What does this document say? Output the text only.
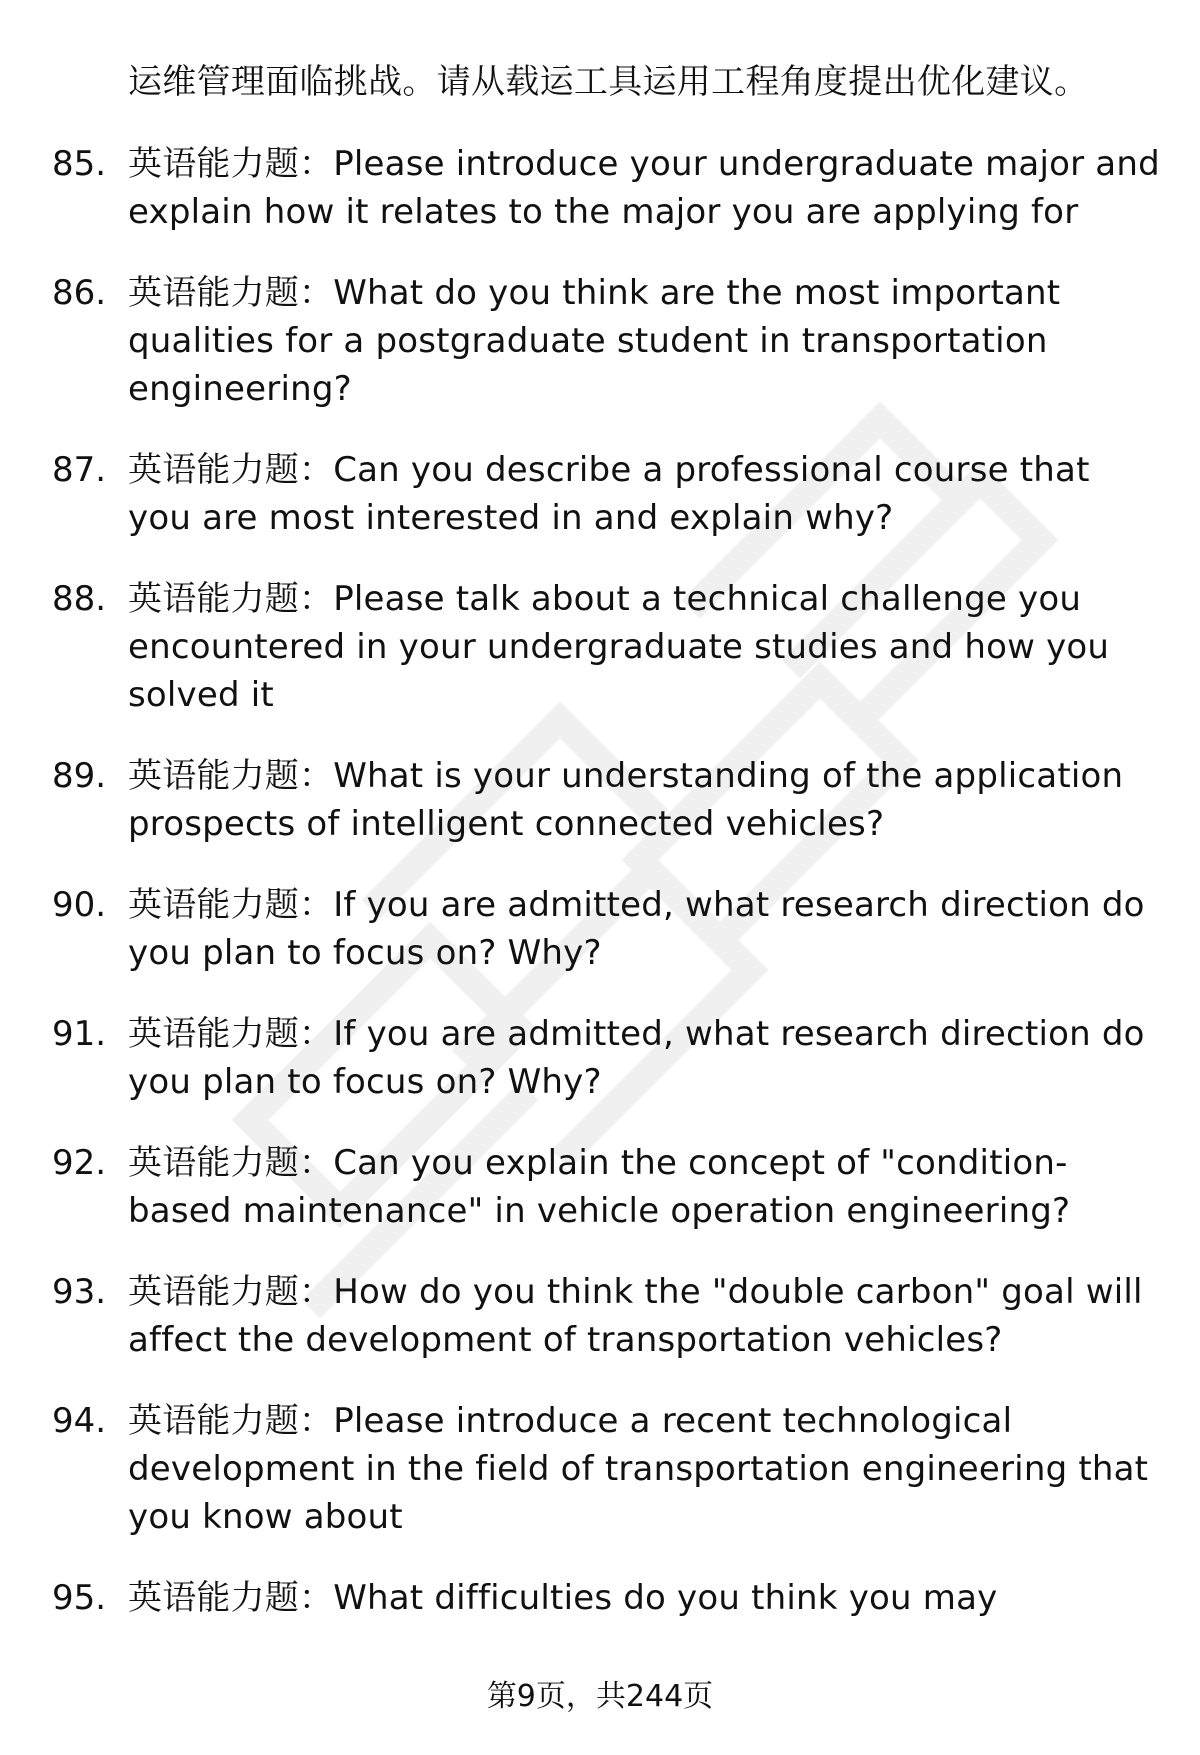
运维管理面临挑战。请从载运工具运用工程角度提出优化建议。
85. 英语能力题：Please introduce your undergraduate major and explain how it relates to the major you are applying for
86. 英语能力题：What do you think are the most important qualities for a postgraduate student in transportation engineering?
87. 英语能力题：Can you describe a professional course that you are most interested in and explain why?
88. 英语能力题：Please talk about a technical challenge you encountered in your undergraduate studies and how you solved it
89. 英语能力题：What is your understanding of the application prospects of intelligent connected vehicles?
90. 英语能力题：If you are admitted, what research direction do you plan to focus on? Why?
91. 英语能力题：If you are admitted, what research direction do you plan to focus on? Why?
92. 英语能力题：Can you explain the concept of "condition-based maintenance" in vehicle operation engineering?
93. 英语能力题：How do you think the "double carbon" goal will affect the development of transportation vehicles?
94. 英语能力题：Please introduce a recent technological development in the field of transportation engineering that you know about
95. 英语能力题：What difficulties do you think you may
第9页，共244页
